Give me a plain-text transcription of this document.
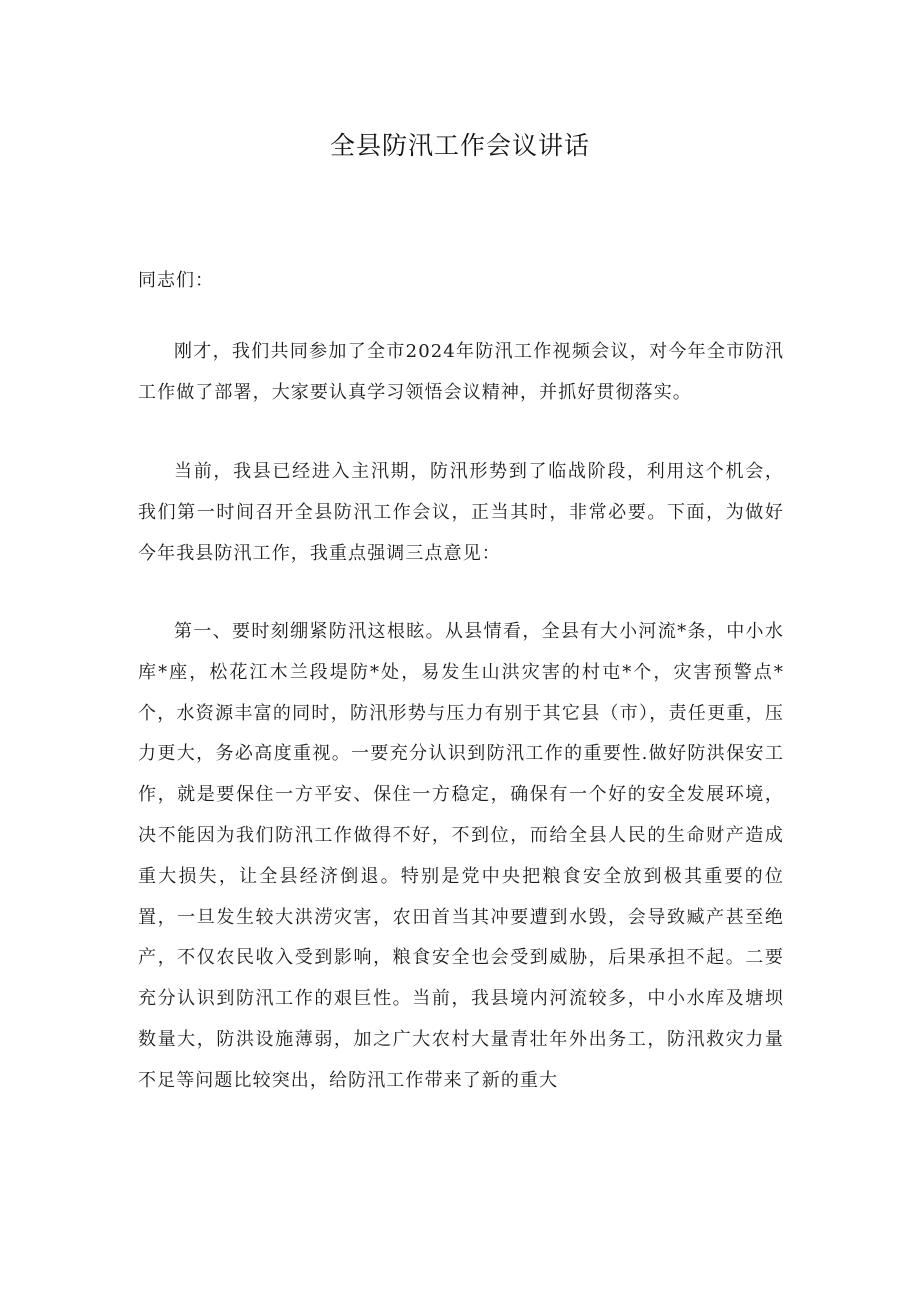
全县防汛工作会议讲话

同志们：

刚才，我们共同参加了全市2024年防汛工作视频会议，对今年全市防汛工作做了部署，大家要认真学习领悟会议精神，并抓好贯彻落实。

当前，我县已经进入主汛期，防汛形势到了临战阶段，利用这个机会，我们第一时间召开全县防汛工作会议，正当其时，非常必要。下面，为做好今年我县防汛工作，我重点强调三点意见：

第一、要时刻绷紧防汛这根眩。从县情看，全县有大小河流*条，中小水库*座，松花江木兰段堤防*处，易发生山洪灾害的村屯*个，灾害预警点*个，水资源丰富的同时，防汛形势与压力有别于其它县（市），责任更重，压力更大，务必高度重视。一要充分认识到防汛工作的重要性.做好防洪保安工作，就是要保住一方平安、保住一方稳定，确保有一个好的安全发展环境，决不能因为我们防汛工作做得不好，不到位，而给全县人民的生命财产造成重大损失，让全县经济倒退。特别是党中央把粮食安全放到极其重要的位置，一旦发生较大洪涝灾害，农田首当其冲要遭到水毁，会导致臧产甚至绝产，不仅农民收入受到影响，粮食安全也会受到威胁，后果承担不起。二要充分认识到防汛工作的艰巨性。当前，我县境内河流较多，中小水库及塘坝数量大，防洪设施薄弱，加之广大农村大量青壮年外出务工，防汛救灾力量不足等问题比较突出，给防汛工作带来了新的重大
